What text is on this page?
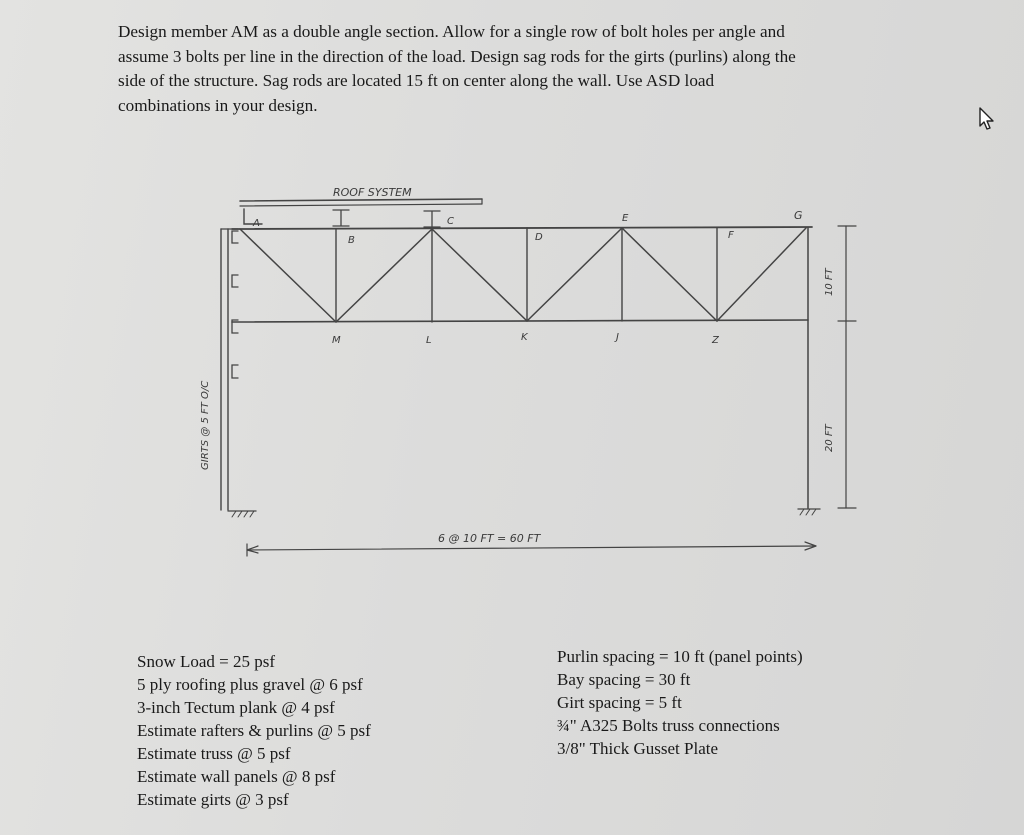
Design member AM as a double angle section. Allow for a single row of bolt holes per angle and
assume 3 bolts per line in the direction of the load. Design sag rods for the girts (purlins) along the
side of the structure. Sag rods are located 15 ft on center along the wall. Use ASD load
combinations in your design.
ROOF SYSTEM
A
B
C
D
E
F
G
M	L	K	J	Z
GIRTS @ 5 FT O/C
10 FT
20 FT
6 @ 10 FT = 60 FT
Snow Load = 25 psf
5 ply roofing plus gravel @ 6 psf
3-inch Tectum plank @ 4 psf
Estimate rafters & purlins @ 5 psf
Estimate truss @ 5 psf
Estimate wall panels @ 8 psf
Estimate girts @ 3 psf
Purlin spacing = 10 ft (panel points)
Bay spacing = 30 ft
Girt spacing = 5 ft
¾" A325 Bolts truss connections
3/8" Thick Gusset Plate
